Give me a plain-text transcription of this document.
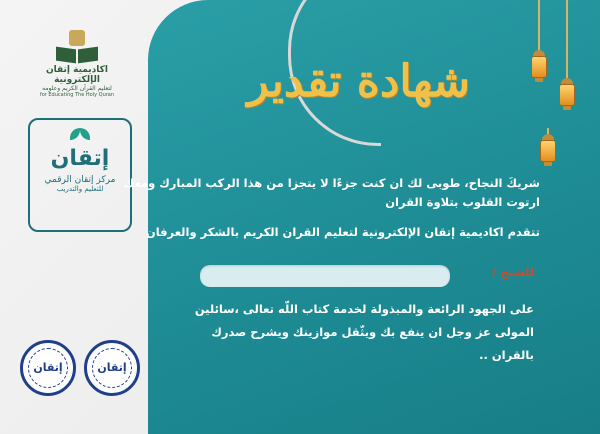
اكاديمية إتقان الإلكترونية
لتعليم القرآن الكريم وعلومه
for Educating The Holy Quran
إتقان
مركز إتقان الرقمي
للتعليم والتدريب
إتقان	إتقان
شهادة تقدير
شريكَ النجاح، طوبى لك ان كنت جزءًا لا يتجزا من هذا الركب المبارك ومعك ارتوت القلوب بتلاوة القران
تتقدم اكاديمية إتقان الإلكترونية لتعليم القران الكريم بالشكر والعرفان
للشيخ /
على الجهود الرائعة والمبذولة لخدمة كتاب اللّه تعالى ،سائلين المولى عز وجل ان ينفع بك ويثّقل موازينك ويشرح صدرك بالقران ..
